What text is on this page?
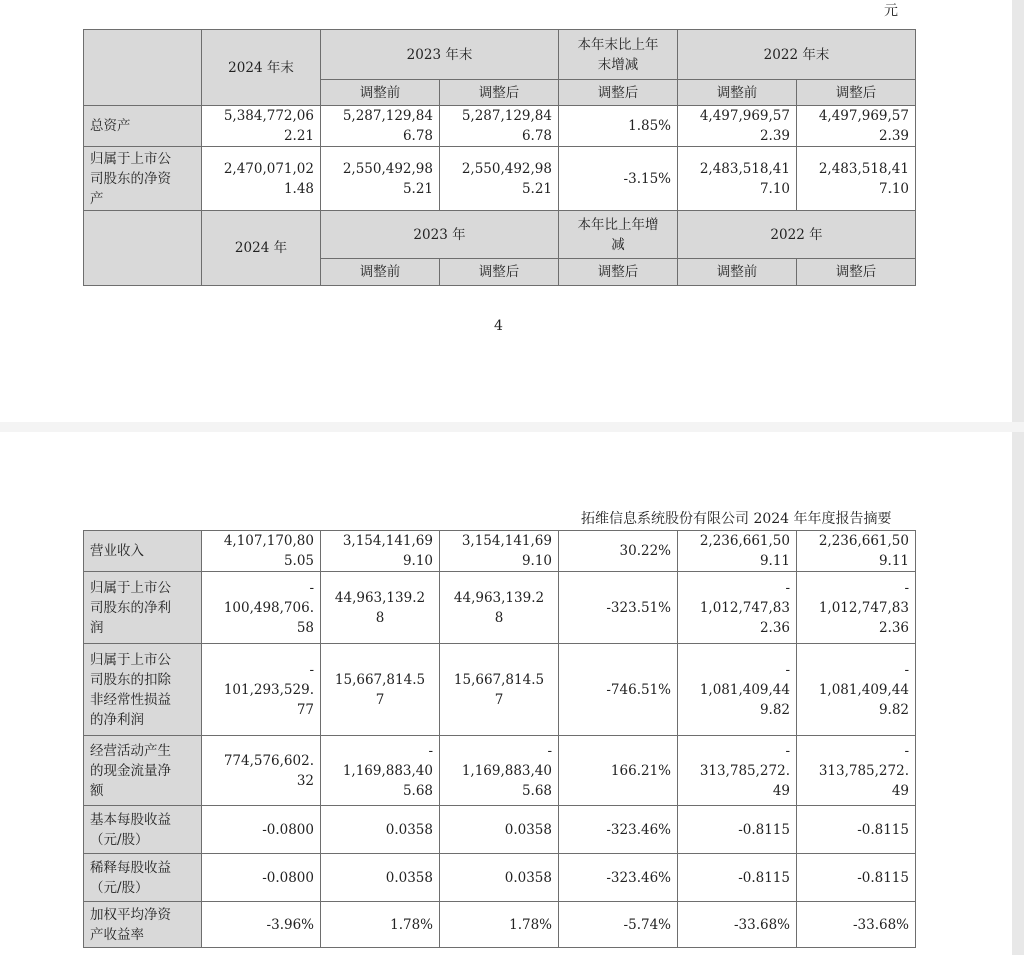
元
	2024 年末	2023 年末		本年末比上年
末增减	2022 年末	
		调整前	调整后	调整后	调整前	调整后
总资产	5,384,772,06
2.21	5,287,129,84
6.78	5,287,129,84
6.78	1.85%	4,497,969,57
2.39	4,497,969,57
2.39
归属于上市公
司股东的净资
产	2,470,071,02
1.48	2,550,492,98
5.21	2,550,492,98
5.21	-3.15%	2,483,518,41
7.10	2,483,518,41
7.10
	2024 年	2023 年		本年比上年增
减	2022 年	
		调整前	调整后	调整后	调整前	调整后
4
拓维信息系统股份有限公司 2024 年年度报告摘要
营业收入	4,107,170,80
5.05	3,154,141,69
9.10	3,154,141,69
9.10	30.22%	2,236,661,50
9.11	2,236,661,50
9.11
归属于上市公
司股东的净利
润	-
100,498,706.
58	44,963,139.2
8	44,963,139.2
8	-323.51%	-
1,012,747,83
2.36	-
1,012,747,83
2.36
归属于上市公
司股东的扣除
非经常性损益
的净利润	-
101,293,529.
77	15,667,814.5
7	15,667,814.5
7	-746.51%	-
1,081,409,44
9.82	-
1,081,409,44
9.82
经营活动产生
的现金流量净
额	774,576,602.
32	-
1,169,883,40
5.68	-
1,169,883,40
5.68	166.21%	-
313,785,272.
49	-
313,785,272.
49
基本每股收益
（元/股）	-0.0800	0.0358	0.0358	-323.46%	-0.8115	-0.8115
稀释每股收益
（元/股）	-0.0800	0.0358	0.0358	-323.46%	-0.8115	-0.8115
加权平均净资
产收益率	-3.96%	1.78%	1.78%	-5.74%	-33.68%	-33.68%
